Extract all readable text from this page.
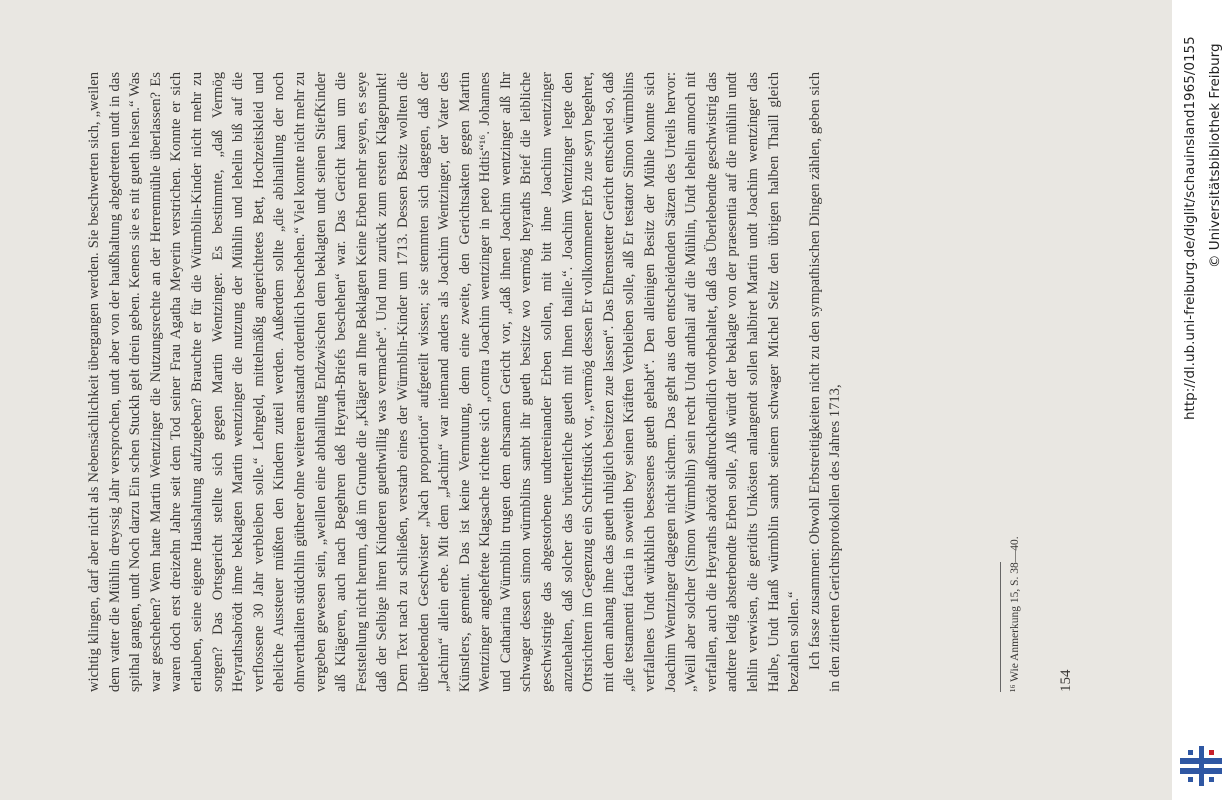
wichtig klingen, darf aber nicht als Nebensächlichkeit übergangen werden. Sie beschwerten sich, „weilen dem vatter die Mühlin dreyssig Jahr versprochen, undt aber von der haußhaltung abgedretten undt in das spithal gangen, undt Noch darzu Ein schen Stuckh gelt drein geben. Kenens sie es nit gueth heisen.“ Was war geschehen? Wem hatte Martin Wentzinger die Nutzungsrechte an der Herrenmühle überlassen? Es waren doch erst dreizehn Jahre seit dem Tod seiner Frau Agatha Meyerin verstrichen. Konnte er sich erlauben, seine eigene Haushaltung aufzugeben? Brauchte er für die Würmblin-Kinder nicht mehr zu sorgen? Das Ortsgericht stellte sich gegen Martin Wentzinger. Es bestimmte, „daß Vermög Heyrathsabrödt ihme beklagten Martin wentzinger die nutzung der Mühlin und lehelin biß auf die verflossene 30 Jahr verbleiben solle.“ Lehrgeld, mittelmäßig angerichtetes Bett, Hochzeitskleid und eheliche Aussteuer müßten den Kindern zuteil werden. Außerdem sollte „die abihaillung der noch ohnverthailten stüdchlin gütheer ohne weiteren anstandt ordentlich beschehen.“ Viel konnte nicht mehr zu vergeben gewesen sein, „weillen eine abthaillung Endzwischen dem beklagten undt seinen StiefKinder alß Klägeren, auch nach Begehren deß Heyrath-Briefs beschehen“ war. Das Gericht kam um die Feststellung nicht herum, daß im Grunde die „Kläger an Ihne Beklagten Keine Erben mehr seyen, es seye daß der Selbige ihren Kinderen guethwillig was vermache“. Und nun zurück zum ersten Klagepunkt! Dem Text nach zu schließen, verstarb eines der Würmblin-Kinder um 1713. Dessen Besitz wollten die überlebenden Geschwister „Nach proportion“ aufgeteilt wissen; sie stemmten sich dagegen, daß der „Jachim“ allein erbe. Mit dem „Jachim“ war niemand anders als Joachim Wentzinger, der Vater des Künstlers, gemeint. Das ist keine Vermutung, denn eine zweite, den Gerichtsakten gegen Martin Wentzinger angeheftete Klagsache richtete sich „contra Joachim wentzinger in peto Hdtis“¹⁶. Johannes und Catharina Würmblin trugen dem ehrsamen Gericht vor, „daß ihnen Joachim wentzinger alß Ihr schwager dessen simon würmblins sambt ihr gueth besitze wo vermög heyraths Brief die leibliche geschwistrige das abgestorbene undtereinander Erben sollen, mit bitt ihne Joachim wentzinger anzuehalten, daß solcher das brüetterliche gueth mit Ihnen thaille.“. Joachim Wentzinger legte den Ortsrichtern im Gegenzug ein Schriftstück vor, „vermög dessen Er vollkommener Erb zue seyn begehret, mit dem anhang ihne das gueth ruhiglich besitzen zue lassen“. Das Ehrenstetter Gericht entschied so, daß „die testamenti factia in soweith bey seinen Kräften Verbleiben solle, alß Er testator Simon würmblins verfallenes Undt würkhlich besessenes gueth gehabt“. Den alleinigen Besitz der Mühle konnte sich Joachim Wentzinger dagegen nicht sichern. Das geht aus den entscheidenden Sätzen des Urteils hervor: „Weill aber solcher (Simon Würmblin) sein recht Undt anthail auf die Mühlin, Undt lehelin annoch nit verfallen, auch die Heyraths abrödt außtruckhendlich vorbehaltet, daß das Überlebendte geschwistrig das andtere ledig absterbendte Erben solle, Alß würdt der beklagte von der praesentia auf die mühlin undt lehlin verwisen, die geridits Unkösten anlangendt sollen halbiret Martin undt Joachim wentzinger das Halbe, Undt Hanß würmblin sambt seinem schwager Michel Seltz den übrigen halben Thaill gleich bezahlen sollen.“ Ich fasse zusammen: Obwohl Erbstreitigkeiten nicht zu den sympathischen Dingen zählen, geben sich in den zitierten Gerichtsprotokollen des Jahres 1713,	¹⁶ Wie Anmerkung 15, S. 38—40. 154
http://dl.ub.uni-freiburg.de/diglit/schauinsland1965/0155 © Universitätsbibliothek Freiburg
